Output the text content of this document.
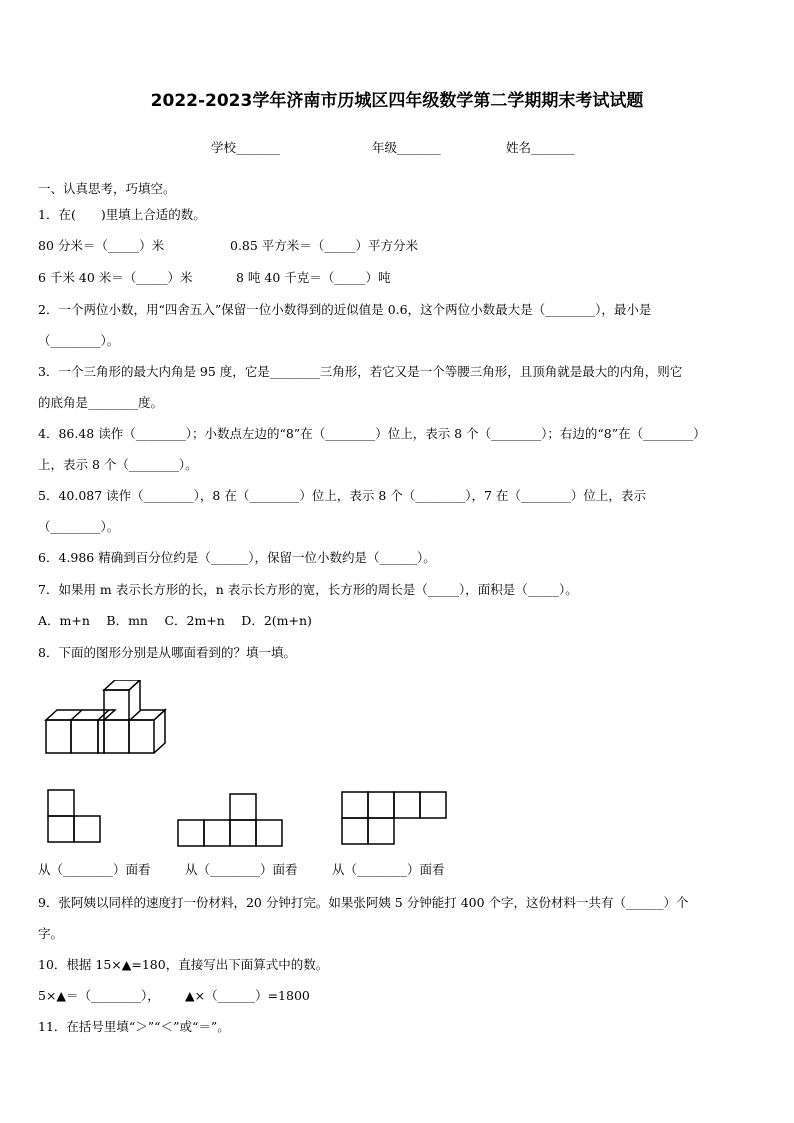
2022-2023学年济南市历城区四年级数学第二学期期末考试试题
学校_______	年级_______	姓名_______
一、认真思考，巧填空。
1．在(　　)里填上合适的数。
80 分米＝（_____）米	0.85 平方米＝（_____）平方分米
6 千米 40 米＝（_____）米	8 吨 40 千克＝（_____）吨
2．一个两位小数，用“四舍五入”保留一位小数得到的近似值是 0.6，这个两位小数最大是（________），最小是
（________）。
3．一个三角形的最大内角是 95 度，它是________三角形，若它又是一个等腰三角形，且顶角就是最大的内角，则它
的底角是________度。
4．86.48 读作（________）；小数点左边的“8”在（________）位上，表示 8 个（________）；右边的“8”在（________）
上，表示 8 个（________）。
5．40.087 读作（________），8 在（________）位上，表示 8 个（________），7 在（________）位上，表示
（________）。
6．4.986 精确到百分位约是（______），保留一位小数约是（______）。
7．如果用 m 表示长方形的长，n 表示长方形的宽，长方形的周长是（_____），面积是（_____）。
A．m+n　 B．mn　 C．2m+n　 D．2(m+n)
8．下面的图形分别是从哪面看到的？填一填。
从（________）面看	从（________）面看	从（________）面看
9．张阿姨以同样的速度打一份材料，20 分钟打完。如果张阿姨 5 分钟能打 400 个字，这份材料一共有（______）个
字。
10．根据 15×▲=180，直接写出下面算式中的数。
5×▲＝（________）， ▲×（______）=1800
11．在括号里填“＞”“＜”或“＝”。
